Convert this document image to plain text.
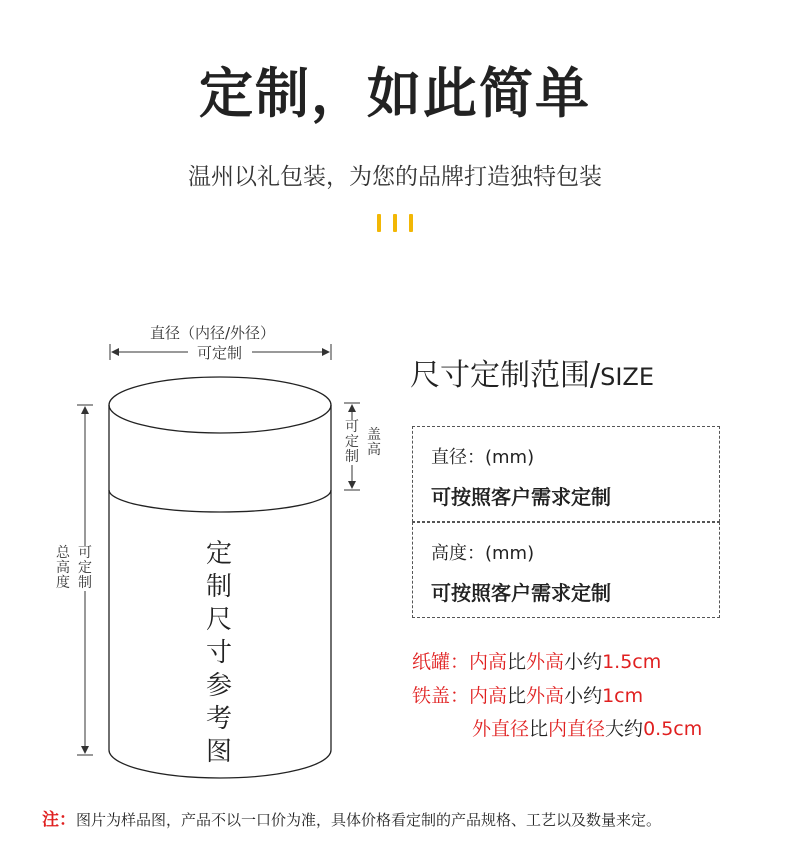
定制，如此简单
温州以礼包装，为您的品牌打造独特包装
直径（内径/外径）
可定制
可定制
盖高
总高度
可定制
定制尺寸参考图
尺寸定制范围/SIZE
直径：(mm)
可按照客户需求定制
高度：(mm)
可按照客户需求定制
纸罐：内高比外高小约1.5cm
铁盖：内高比外高小约1cm
外直径比内直径大约0.5cm
注：图片为样品图，产品不以一口价为准，具体价格看定制的产品规格、工艺以及数量来定。
